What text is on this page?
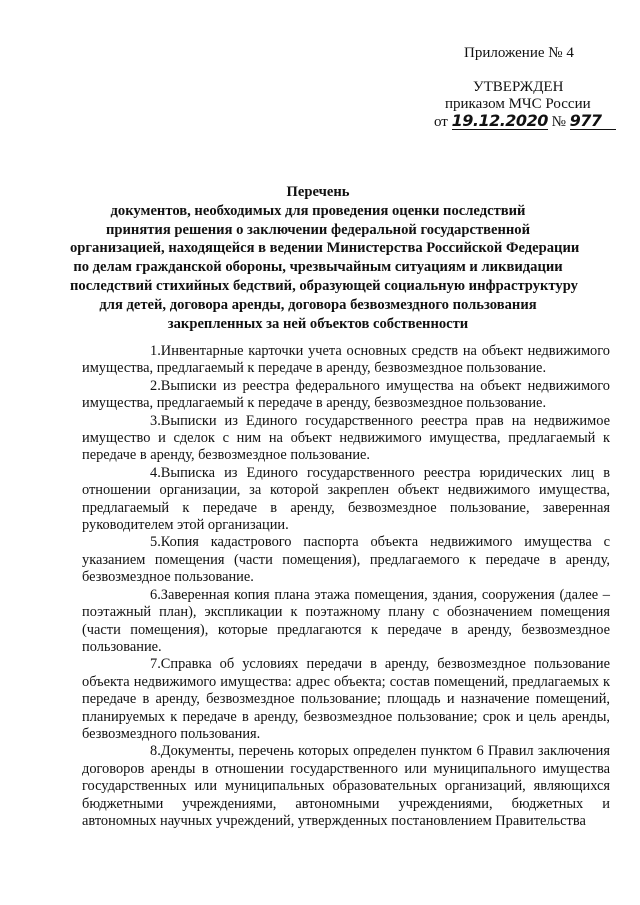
Приложение № 4
УТВЕРЖДЕН
приказом МЧС России
от 19.12.2020 № 977
Перечень
документов, необходимых для проведения оценки последствий
принятия решения о заключении федеральной государственной
организацией, находящейся в ведении Министерства Российской Федерации
по делам гражданской обороны, чрезвычайным ситуациям и ликвидации
последствий стихийных бедствий, образующей социальную инфраструктуру
для детей, договора аренды, договора безвозмездного пользования
закрепленных за ней объектов собственности

1.Инвентарные карточки учета основных средств на объект недвижимого имущества, предлагаемый к передаче в аренду, безвозмездное пользование.

2.Выписки из реестра федерального имущества на объект недвижимого имущества, предлагаемый к передаче в аренду, безвозмездное пользование.

3.Выписки из Единого государственного реестра прав на недвижимое имущество и сделок с ним на объект недвижимого имущества, предлагаемый к передаче в аренду, безвозмездное пользование.

4.Выписка из Единого государственного реестра юридических лиц в отношении организации, за которой закреплен объект недвижимого имущества, предлагаемый к передаче в аренду, безвозмездное пользование, заверенная руководителем этой организации.

5.Копия кадастрового паспорта объекта недвижимого имущества с указанием помещения (части помещения), предлагаемого к передаче в аренду, безвозмездное пользование.

6.Заверенная копия плана этажа помещения, здания, сооружения (далее – поэтажный план), экспликации к поэтажному плану с обозначением помещения (части помещения), которые предлагаются к передаче в аренду, безвозмездное пользование.

7.Справка об условиях передачи в аренду, безвозмездное пользование объекта недвижимого имущества: адрес объекта; состав помещений, предлагаемых к передаче в аренду, безвозмездное пользование; площадь и назначение помещений, планируемых к передаче в аренду, безвозмездное пользование; срок и цель аренды, безвозмездного пользования.

8.Документы, перечень которых определен пунктом 6 Правил заключения договоров аренды в отношении государственного или муниципального имущества государственных или муниципальных образовательных организаций, являющихся бюджетными учреждениями, автономными учреждениями, бюджетных и автономных научных учреждений, утвержденных постановлением Правительства
